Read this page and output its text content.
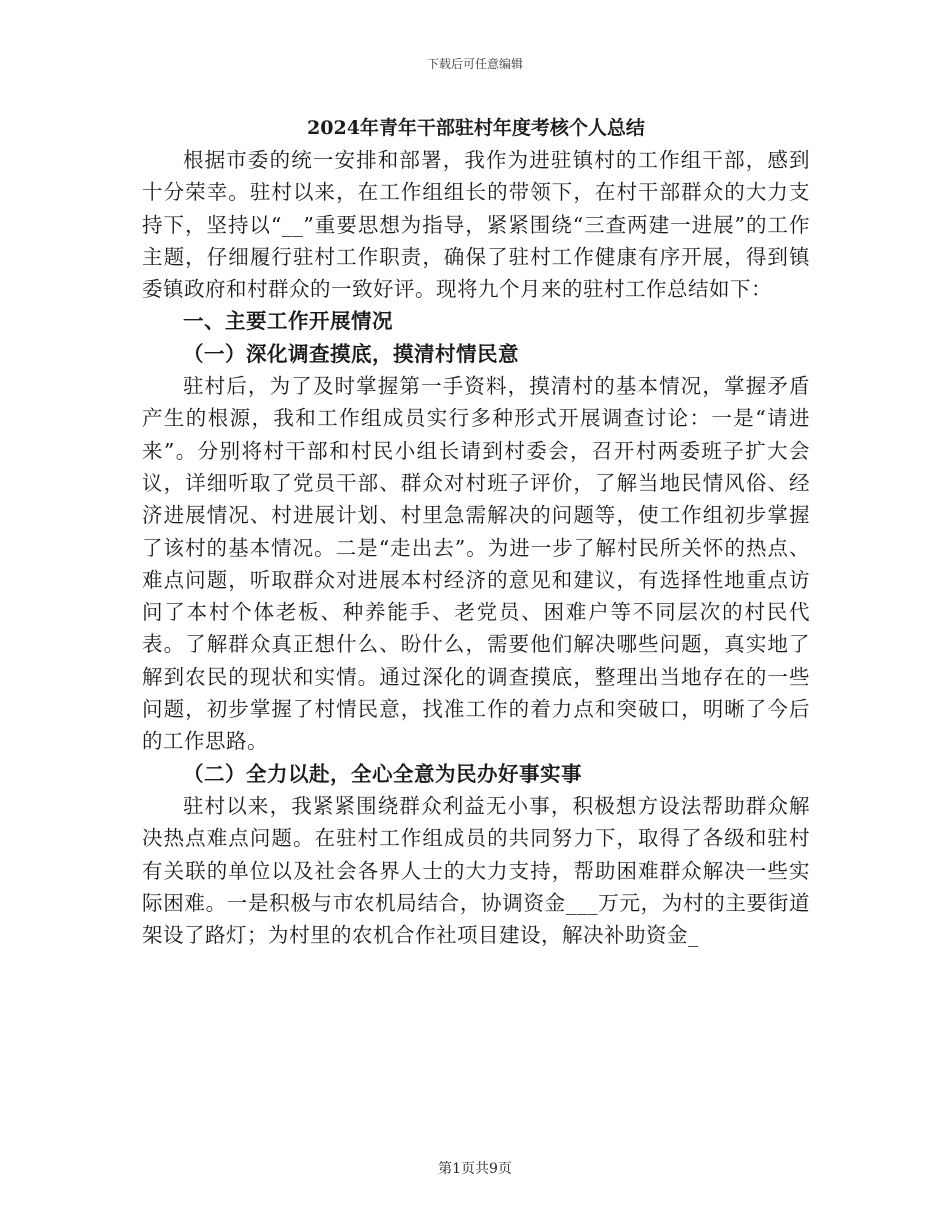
下载后可任意编辑
2024年青年干部驻村年度考核个人总结

根据市委的统一安排和部署，我作为进驻镇村的工作组干部，感到十分荣幸。驻村以来，在工作组组长的带领下，在村干部群众的大力支持下，坚持以“__”重要思想为指导，紧紧围绕“三查两建一进展”的工作主题，仔细履行驻村工作职责，确保了驻村工作健康有序开展，得到镇委镇政府和村群众的一致好评。现将九个月来的驻村工作总结如下：

一、主要工作开展情况
（一）深化调查摸底，摸清村情民意

驻村后，为了及时掌握第一手资料，摸清村的基本情况，掌握矛盾产生的根源，我和工作组成员实行多种形式开展调查讨论：一是“请进来”。分别将村干部和村民小组长请到村委会，召开村两委班子扩大会议，详细听取了党员干部、群众对村班子评价，了解当地民情风俗、经济进展情况、村进展计划、村里急需解决的问题等，使工作组初步掌握了该村的基本情况。二是“走出去”。为进一步了解村民所关怀的热点、难点问题，听取群众对进展本村经济的意见和建议，有选择性地重点访问了本村个体老板、种养能手、老党员、困难户等不同层次的村民代表。了解群众真正想什么、盼什么，需要他们解决哪些问题，真实地了解到农民的现状和实情。通过深化的调查摸底，整理出当地存在的一些问题，初步掌握了村情民意，找准工作的着力点和突破口，明晰了今后的工作思路。

（二）全力以赴，全心全意为民办好事实事

驻村以来，我紧紧围绕群众利益无小事，积极想方设法帮助群众解决热点难点问题。在驻村工作组成员的共同努力下，取得了各级和驻村有关联的单位以及社会各界人士的大力支持，帮助困难群众解决一些实际困难。一是积极与市农机局结合，协调资金___万元，为村的主要街道架设了路灯；为村里的农机合作社项目建设，解决补助资金_

第1页共9页
